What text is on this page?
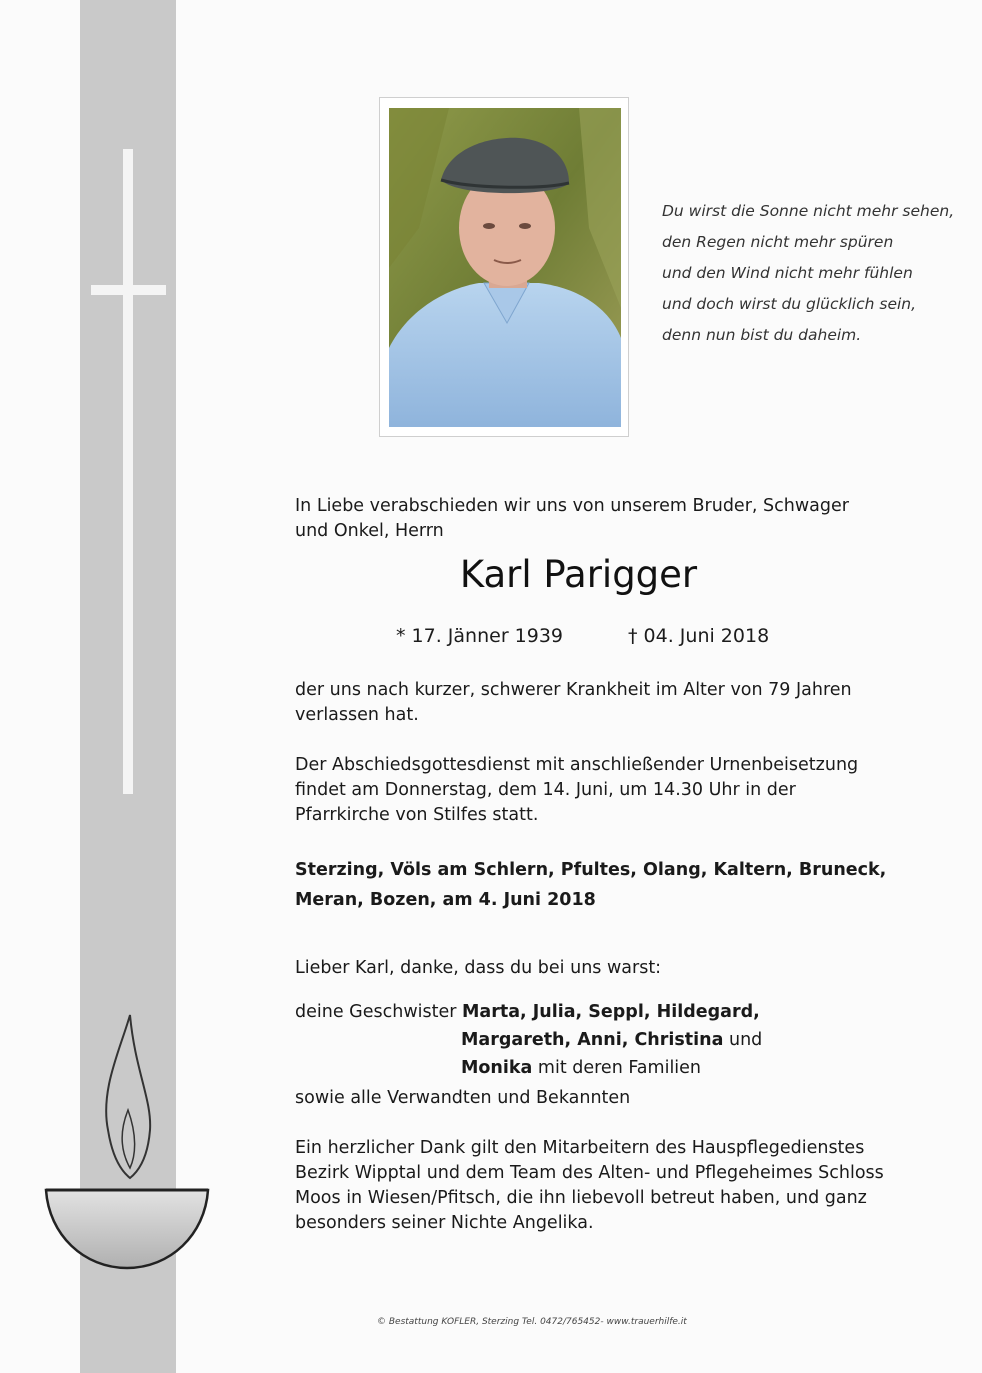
Du wirst die Sonne nicht mehr sehen,
den Regen nicht mehr spüren
und den Wind nicht mehr fühlen
und doch wirst du glücklich sein,
denn nun bist du daheim.
In Liebe verabschieden wir uns von unserem Bruder, Schwager
und Onkel, Herrn
Karl Parigger
* 17. Jänner 1939	† 04. Juni 2018
der uns nach kurzer, schwerer Krankheit im Alter von 79 Jahren
verlassen hat.
Der Abschiedsgottesdienst mit anschließender Urnenbeisetzung
findet am Donnerstag, dem 14. Juni, um 14.30 Uhr in der
Pfarrkirche von Stilfes statt.
Sterzing, Völs am Schlern, Pfultes, Olang, Kaltern, Bruneck,
Meran, Bozen, am 4. Juni 2018
Lieber Karl, danke, dass du bei uns warst:
deine Geschwister Marta, Julia, Seppl, Hildegard,
Margareth, Anni, Christina und
Monika mit deren Familien
sowie alle Verwandten und Bekannten
Ein herzlicher Dank gilt den Mitarbeitern des Hauspflegedienstes
Bezirk Wipptal und dem Team des Alten- und Pflegeheimes Schloss
Moos in Wiesen/Pfitsch, die ihn liebevoll betreut haben, und ganz
besonders seiner Nichte Angelika.
© Bestattung KOFLER, Sterzing Tel. 0472/765452- www.trauerhilfe.it
